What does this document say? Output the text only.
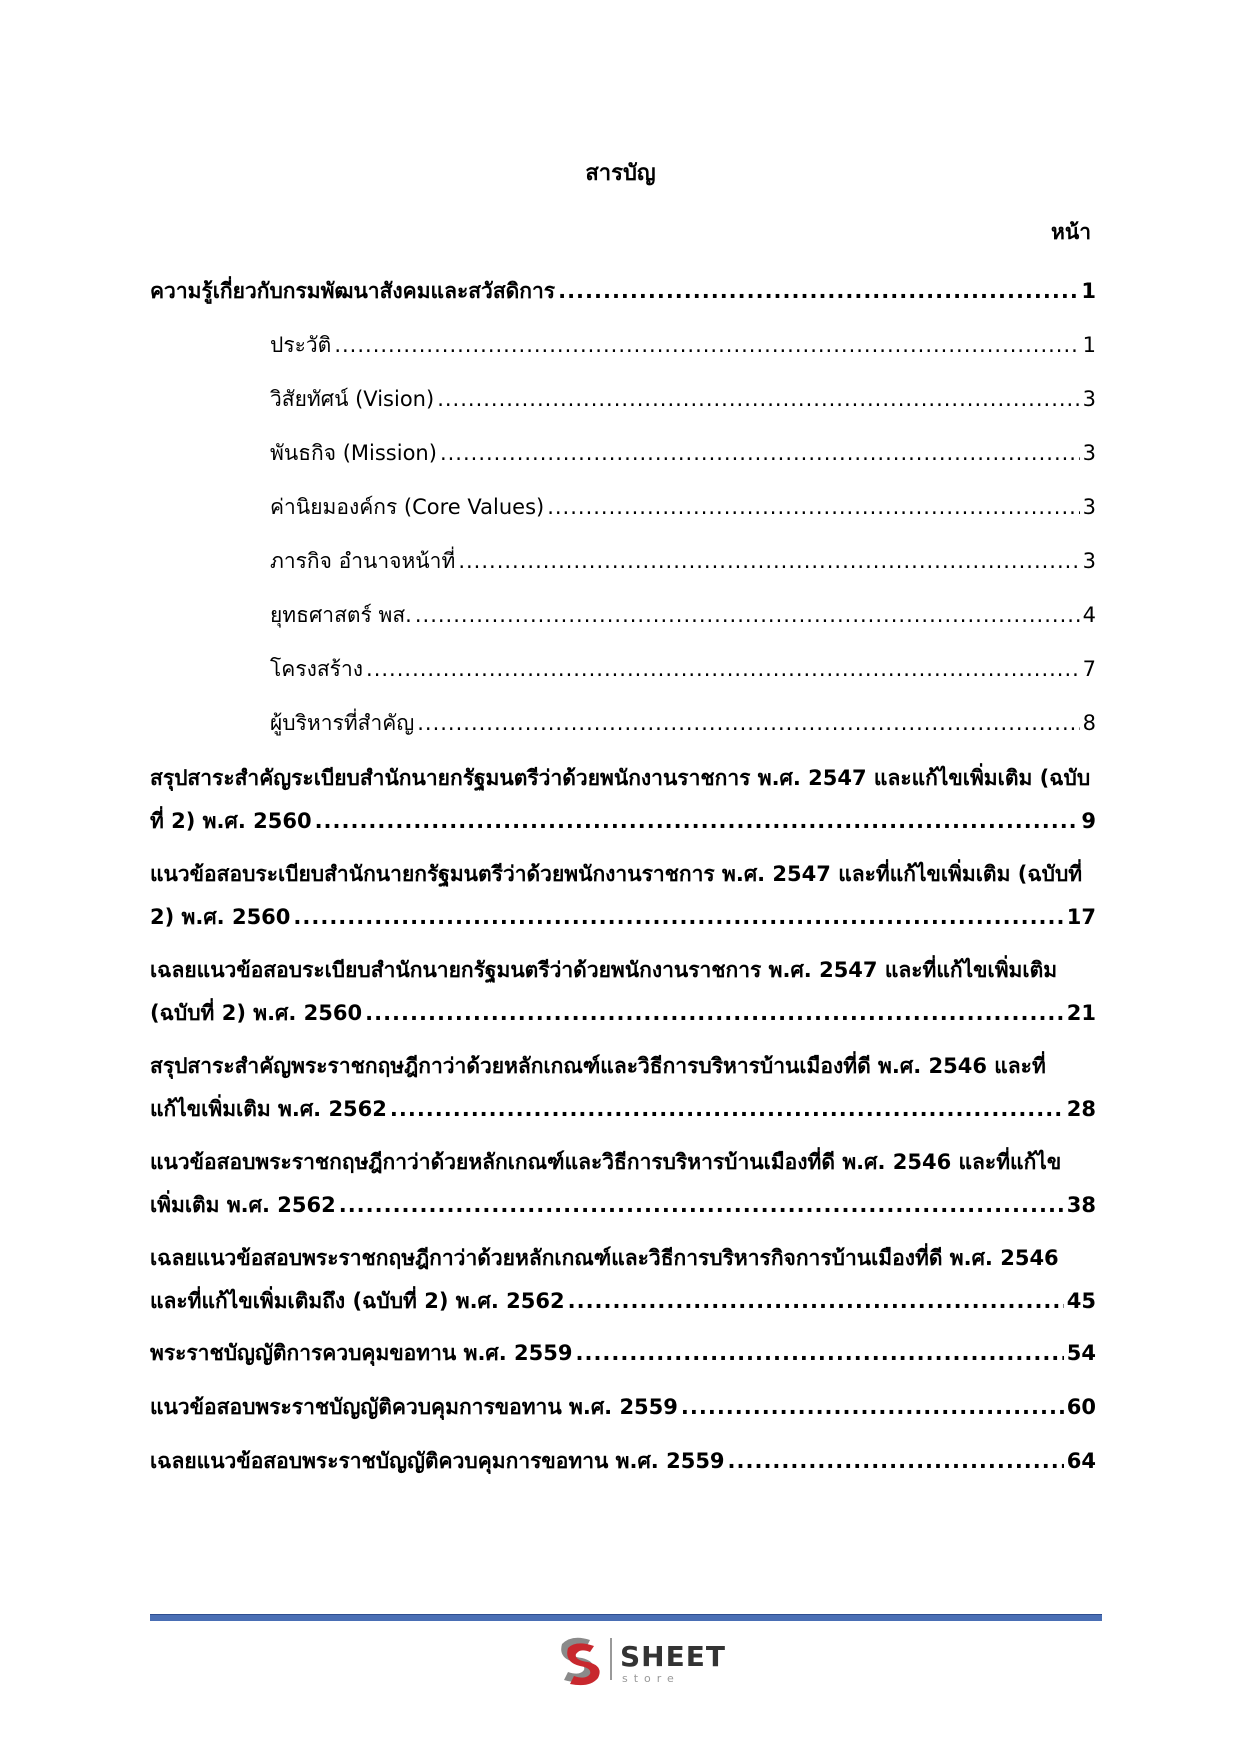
สารบัญ
หน้า
ความรู้เกี่ยวกับกรมพัฒนาสังคมและสวัสดิการ .....	1
ประวัติ .....	1
วิสัยทัศน์ (Vision) .....	3
พันธกิจ (Mission) .....	3
ค่านิยมองค์กร (Core Values) .....	3
ภารกิจ อำนาจหน้าที่ .....	3
ยุทธศาสตร์ พส. .....	4
โครงสร้าง .....	7
ผู้บริหารที่สำคัญ .....	8
สรุปสาระสำคัญระเบียบสำนักนายกรัฐมนตรีว่าด้วยพนักงานราชการ พ.ศ. 2547 และแก้ไขเพิ่มเติม (ฉบับ
ที่ 2) พ.ศ. 2560 .....	9
แนวข้อสอบระเบียบสำนักนายกรัฐมนตรีว่าด้วยพนักงานราชการ พ.ศ. 2547 และที่แก้ไขเพิ่มเติม (ฉบับที่
2) พ.ศ. 2560 .....	17
เฉลยแนวข้อสอบระเบียบสำนักนายกรัฐมนตรีว่าด้วยพนักงานราชการ พ.ศ. 2547 และที่แก้ไขเพิ่มเติม
(ฉบับที่ 2) พ.ศ. 2560 .....	21
สรุปสาระสำคัญพระราชกฤษฎีกาว่าด้วยหลักเกณฑ์และวิธีการบริหารบ้านเมืองที่ดี พ.ศ. 2546 และที่
แก้ไขเพิ่มเติม พ.ศ. 2562 .....	28
แนวข้อสอบพระราชกฤษฎีกาว่าด้วยหลักเกณฑ์และวิธีการบริหารบ้านเมืองที่ดี พ.ศ. 2546 และที่แก้ไข
เพิ่มเติม พ.ศ. 2562 .....	38
เฉลยแนวข้อสอบพระราชกฤษฎีกาว่าด้วยหลักเกณฑ์และวิธีการบริหารกิจการบ้านเมืองที่ดี พ.ศ. 2546
และที่แก้ไขเพิ่มเติมถึง (ฉบับที่ 2) พ.ศ. 2562 .....	45
พระราชบัญญัติการควบคุมขอทาน พ.ศ. 2559 .....	54
แนวข้อสอบพระราชบัญญัติควบคุมการขอทาน พ.ศ. 2559 .....	60
เฉลยแนวข้อสอบพระราชบัญญัติควบคุมการขอทาน พ.ศ. 2559 .....	64
SHEET
store
